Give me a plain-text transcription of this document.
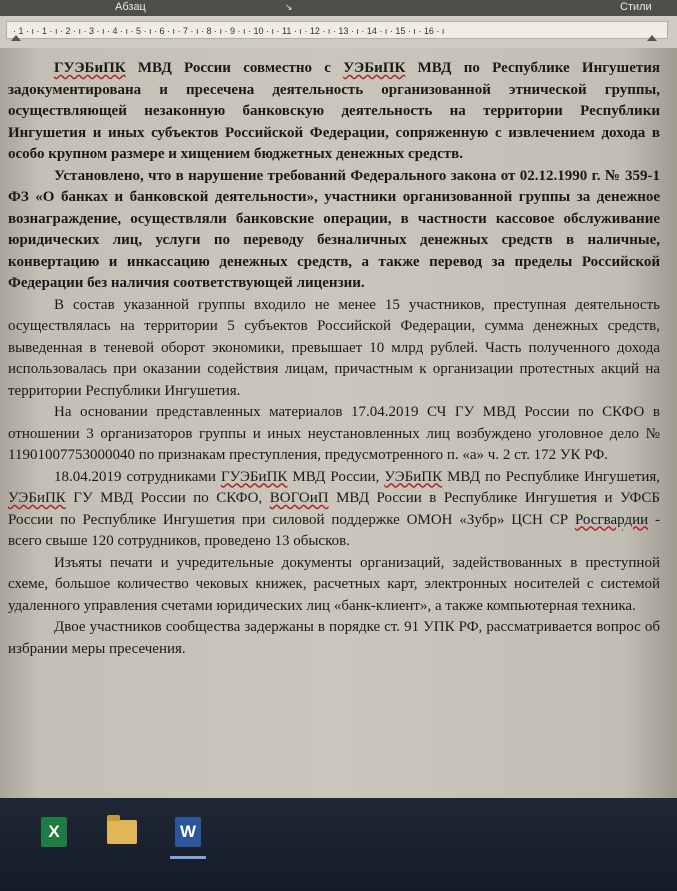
Абзац	↘	Стили
· 1 · ı · 1 · ı · 2 · ı · 3 · ı · 4 · ı · 5 · ı · 6 · ı · 7 · ı · 8 · ı · 9 · ı · 10 · ı · 11 · ı · 12 · ı · 13 · ı · 14 · ı · 15 · ı · 16 · ı

ГУЭБиПК МВД России совместно с УЭБиПК МВД по Республике Ингушетия задокументирована и пресечена деятельность организованной этнической группы, осуществляющей незаконную банковскую деятельность на территории Республики Ингушетия и иных субъектов Российской Федерации, сопряженную с извлечением дохода в особо крупном размере и хищением бюджетных денежных средств.

Установлено, что в нарушение требований Федерального закона от 02.12.1990 г. № 359-1 ФЗ «О банках и банковской деятельности», участники организованной группы за денежное вознаграждение, осуществляли банковские операции, в частности кассовое обслуживание юридических лиц, услуги по переводу безналичных денежных средств в наличные, конвертацию и инкассацию денежных средств, а также перевод за пределы Российской Федерации без наличия соответствующей лицензии.

В состав указанной группы входило не менее 15 участников, преступная деятельность осуществлялась на территории 5 субъектов Российской Федерации, сумма денежных средств, выведенная в теневой оборот экономики, превышает 10 млрд рублей. Часть полученного дохода использовалась при оказании содействия лицам, причастным к организации протестных акций на территории Республики Ингушетия.

На основании представленных материалов 17.04.2019 СЧ ГУ МВД России по СКФО в отношении 3 организаторов группы и иных неустановленных лиц возбуждено уголовное дело № 11901007753000040 по признакам преступления, предусмотренного п. «а» ч. 2 ст. 172 УК РФ.

18.04.2019 сотрудниками ГУЭБиПК МВД России, УЭБиПК МВД по Республике Ингушетия, УЭБиПК ГУ МВД России по СКФО, ВОГОиП МВД России в Республике Ингушетия и УФСБ России по Республике Ингушетия при силовой поддержке ОМОН «Зубр» ЦСН СР Росгвардии - всего свыше 120 сотрудников, проведено 13 обысков.

Изъяты печати и учредительные документы организаций, задействованных в преступной схеме, большое количество чековых книжек, расчетных карт, электронных носителей с системой удаленного управления счетами юридических лиц «банк-клиент», а также компьютерная техника.

Двое участников сообщества задержаны в порядке ст. 91 УПК РФ, рассматривается вопрос об избрании меры пресечения.

X	W
